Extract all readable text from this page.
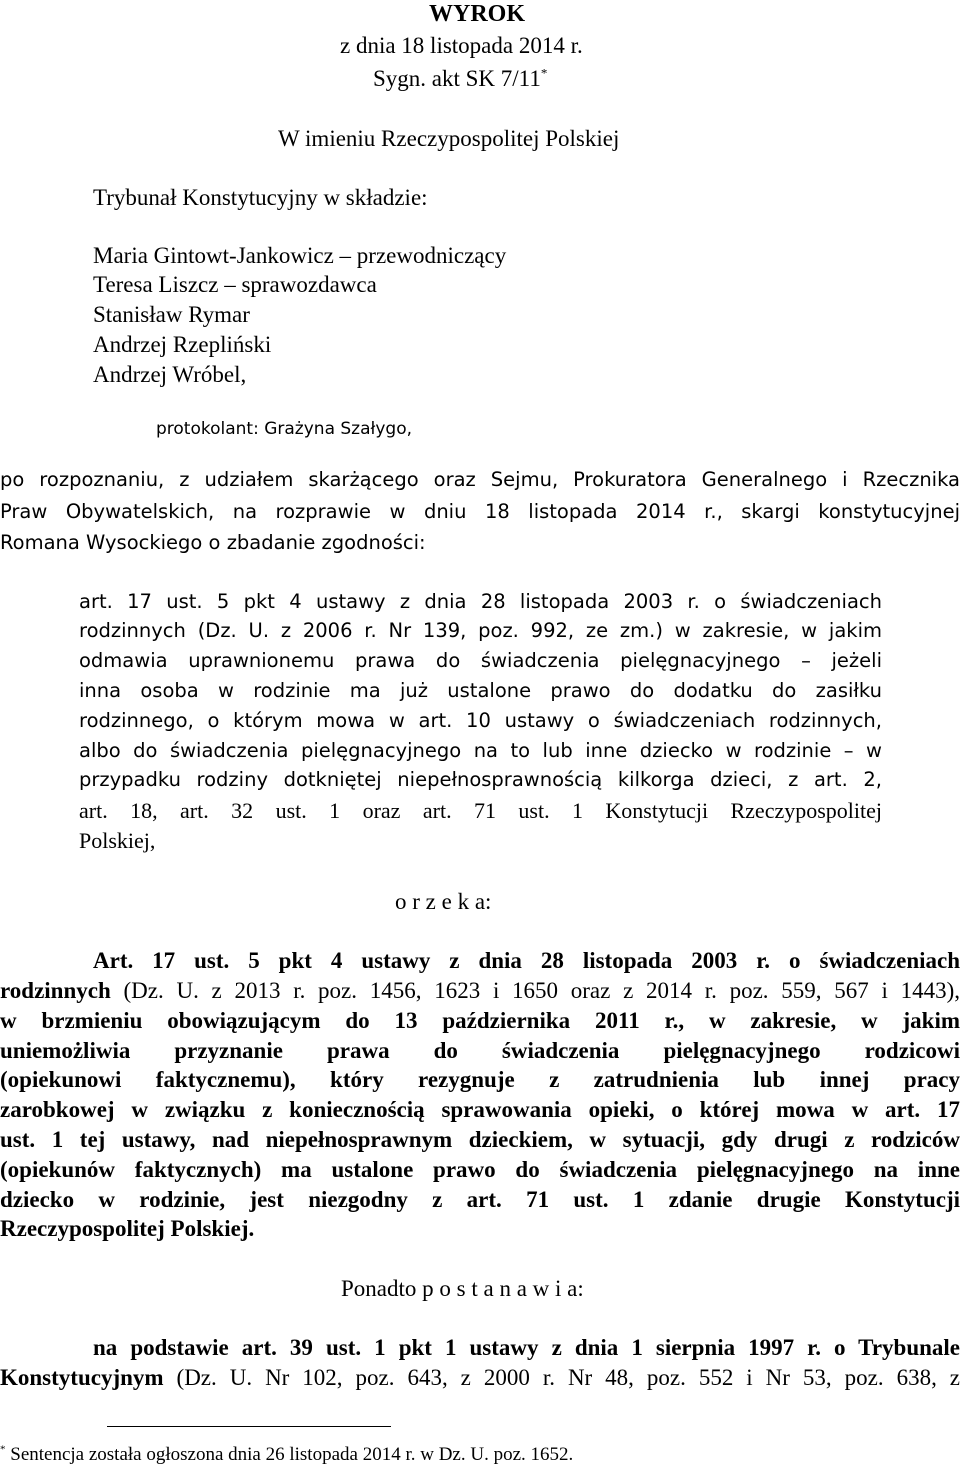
WYROK
z dnia 18 listopada 2014 r.
Sygn. akt SK 7/11*
W imieniu Rzeczypospolitej Polskiej
Trybunał Konstytucyjny w składzie:
Maria Gintowt-Jankowicz – przewodniczący
Teresa Liszcz – sprawozdawca
Stanisław Rymar
Andrzej Rzepliński
Andrzej Wróbel,
protokolant: Grażyna Szałygo,
po rozpoznaniu, z udziałem skarżącego oraz Sejmu, Prokuratora Generalnego i Rzecznika
Praw Obywatelskich, na rozprawie w dniu 18 listopada 2014 r., skargi konstytucyjnej
Romana Wysockiego o zbadanie zgodności:
art. 17 ust. 5 pkt 4 ustawy z dnia 28 listopada 2003 r. o świadczeniach
rodzinnych (Dz. U. z 2006 r. Nr 139, poz. 992, ze zm.) w zakresie, w jakim
odmawia uprawnionemu prawa do świadczenia pielęgnacyjnego – jeżeli
inna osoba w rodzinie ma już ustalone prawo do dodatku do zasiłku
rodzinnego, o którym mowa w art. 10 ustawy o świadczeniach rodzinnych,
albo do świadczenia pielęgnacyjnego na to lub inne dziecko w rodzinie – w
przypadku rodziny dotkniętej niepełnosprawnością kilkorga dzieci, z art. 2,
art. 18, art. 32 ust. 1 oraz art. 71 ust. 1 Konstytucji Rzeczypospolitej
Polskiej,
o r z e k a:
Art. 17 ust. 5 pkt 4 ustawy z dnia 28 listopada 2003 r. o świadczeniach
rodzinnych (Dz. U. z 2013 r. poz. 1456, 1623 i 1650 oraz z 2014 r. poz. 559, 567 i 1443),
w brzmieniu obowiązującym do 13 października 2011 r., w zakresie, w jakim
uniemożliwia przyznanie prawa do świadczenia pielęgnacyjnego rodzicowi
(opiekunowi faktycznemu), który rezygnuje z zatrudnienia lub innej pracy
zarobkowej w związku z koniecznością sprawowania opieki, o której mowa w art. 17
ust. 1 tej ustawy, nad niepełnosprawnym dzieckiem, w sytuacji, gdy drugi z rodziców
(opiekunów faktycznych) ma ustalone prawo do świadczenia pielęgnacyjnego na inne
dziecko w rodzinie, jest niezgodny z art. 71 ust. 1 zdanie drugie Konstytucji
Rzeczypospolitej Polskiej.
Ponadto p o s t a n a w i a:
na podstawie art. 39 ust. 1 pkt 1 ustawy z dnia 1 sierpnia 1997 r. o Trybunale
Konstytucyjnym (Dz. U. Nr 102, poz. 643, z 2000 r. Nr 48, poz. 552 i Nr 53, poz. 638, z
* Sentencja została ogłoszona dnia 26 listopada 2014 r. w Dz. U. poz. 1652.
